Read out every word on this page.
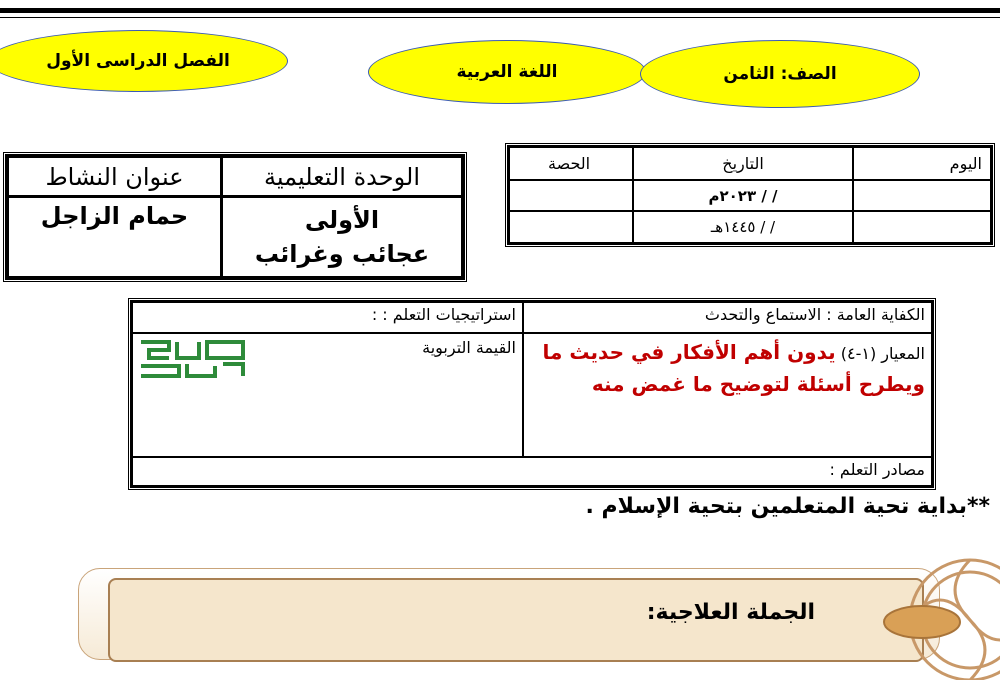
الفصل الدراسى الأول
اللغة العربية	الصف: الثامن
اليوم	التاريخ	الحصة
	/ / ٢٠٢٣م	
	/ / ١٤٤٥هـ	
الوحدة التعليمية	عنوان النشاط

الأولى
عجائب وغرائب	حمام الزاجل
الكفاية العامة : الاستماع والتحدث	استراتيجيات التعلم : :
المعيار (١-٤) يدون أهم الأفكار في حديث ما ويطرح أسئلة لتوضيح ما غمض منه	القيمة التربوية

مصادر التعلم :	
**بداية تحية المتعلمين بتحية الإسلام .
الجملة العلاجية:
